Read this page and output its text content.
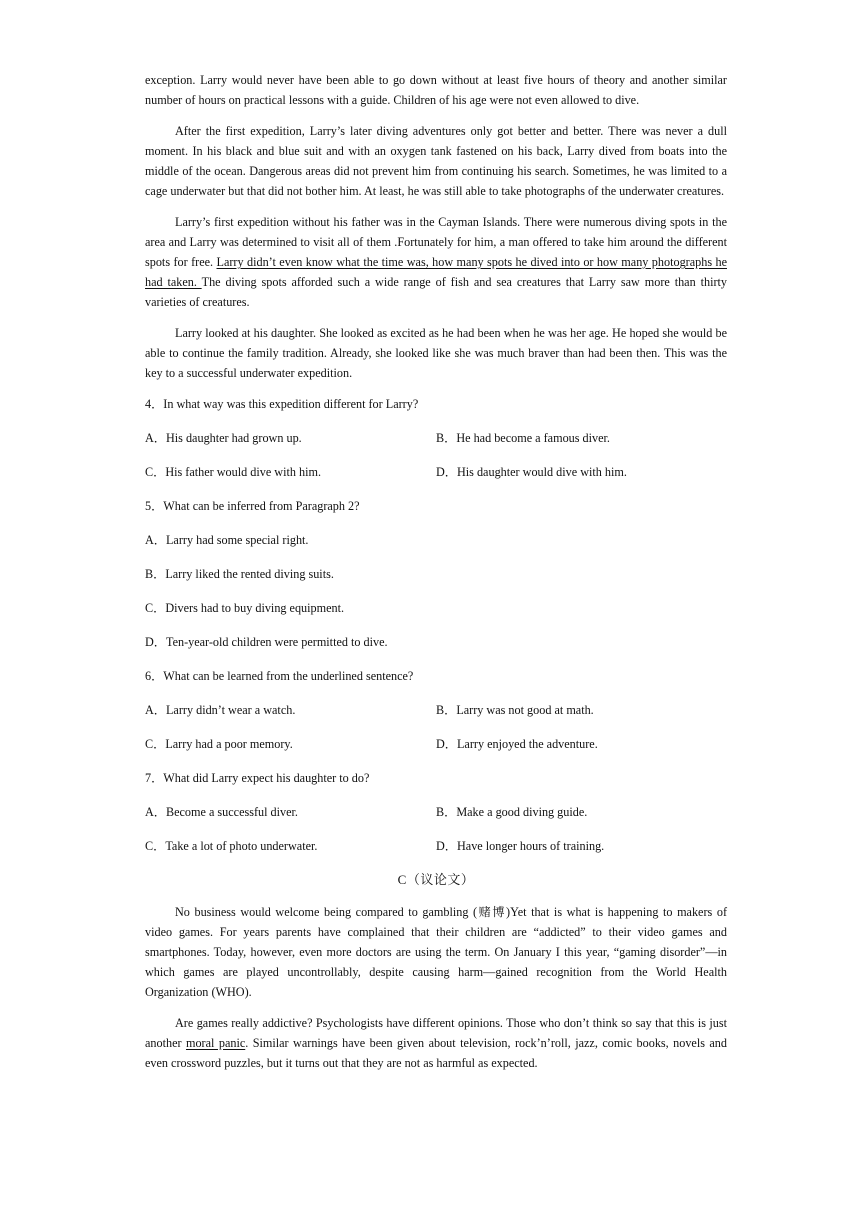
exception. Larry would never have been able to go down without at least five hours of theory and another similar number of hours on practical lessons with a guide. Children of his age were not even allowed to dive.

After the first expedition, Larry’s later diving adventures only got better and better. There was never a dull moment. In his black and blue suit and with an oxygen tank fastened on his back, Larry dived from boats into the middle of the ocean. Dangerous areas did not prevent him from continuing his search. Sometimes, he was limited to a cage underwater but that did not bother him. At least, he was still able to take photographs of the underwater creatures.

Larry’s first expedition without his father was in the Cayman Islands. There were numerous diving spots in the area and Larry was determined to visit all of them .Fortunately for him, a man offered to take him around the different spots for free. Larry didn’t even know what the time was, how many spots he dived into or how many photographs he had taken. The diving spots afforded such a wide range of fish and sea creatures that Larry saw more than thirty varieties of creatures.

Larry looked at his daughter. She looked as excited as he had been when he was her age. He hoped she would be able to continue the family tradition. Already, she looked like she was much braver than had been then. This was the key to a successful underwater expedition.

4．In what way was this expedition different for Larry?
A．His daughter had grown up.	B．He had become a famous diver.
C．His father would dive with him.	D．His daughter would dive with him.
5．What can be inferred from Paragraph 2?
A．Larry had some special right.
B．Larry liked the rented diving suits.
C．Divers had to buy diving equipment.
D．Ten-year-old children were permitted to dive.
6．What can be learned from the underlined sentence?
A．Larry didn’t wear a watch.	B．Larry was not good at math.
C．Larry had a poor memory.	D．Larry enjoyed the adventure.
7．What did Larry expect his daughter to do?
A．Become a successful diver.	B．Make a good diving guide.
C．Take a lot of photo underwater.	D．Have longer hours of training.
C（议论文）

No business would welcome being compared to gambling (赌博)Yet that is what is happening to makers of video games. For years parents have complained that their children are “addicted” to their video games and smartphones. Today, however, even more doctors are using the term. On January I this year, “gaming disorder”—in which games are played uncontrollably, despite causing harm—gained recognition from the World Health Organization (WHO).

Are games really addictive? Psychologists have different opinions. Those who don’t think so say that this is just another moral panic. Similar warnings have been given about television, rock’n’roll, jazz, comic books, novels and even crossword puzzles, but it turns out that they are not as harmful as expected.
